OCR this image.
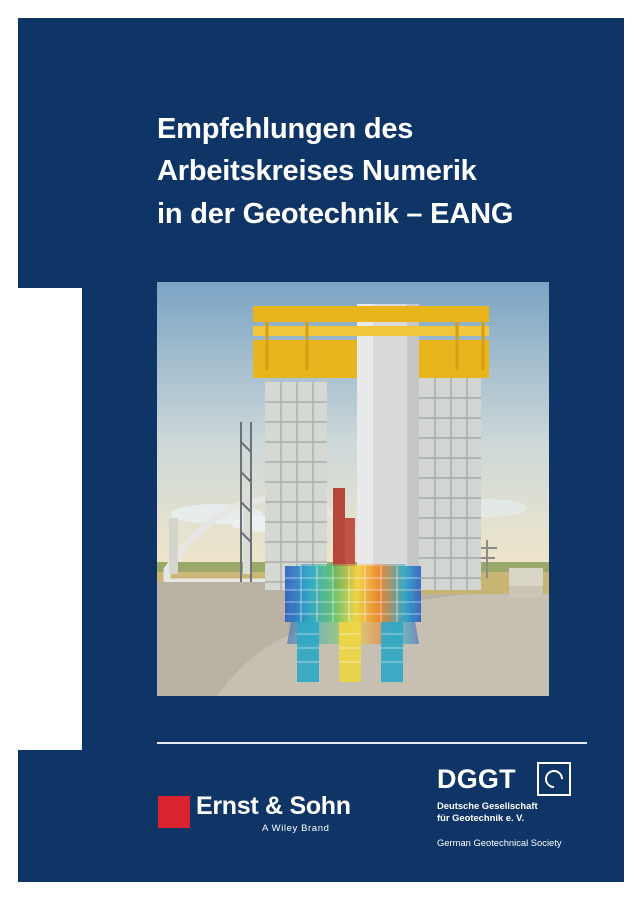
Empfehlungen des
Arbeitskreises Numerik
in der Geotechnik – EANG
Ernst & Sohn
A Wiley Brand
DGGT
Deutsche Gesellschaft
für Geotechnik e. V.
German Geotechnical Society
